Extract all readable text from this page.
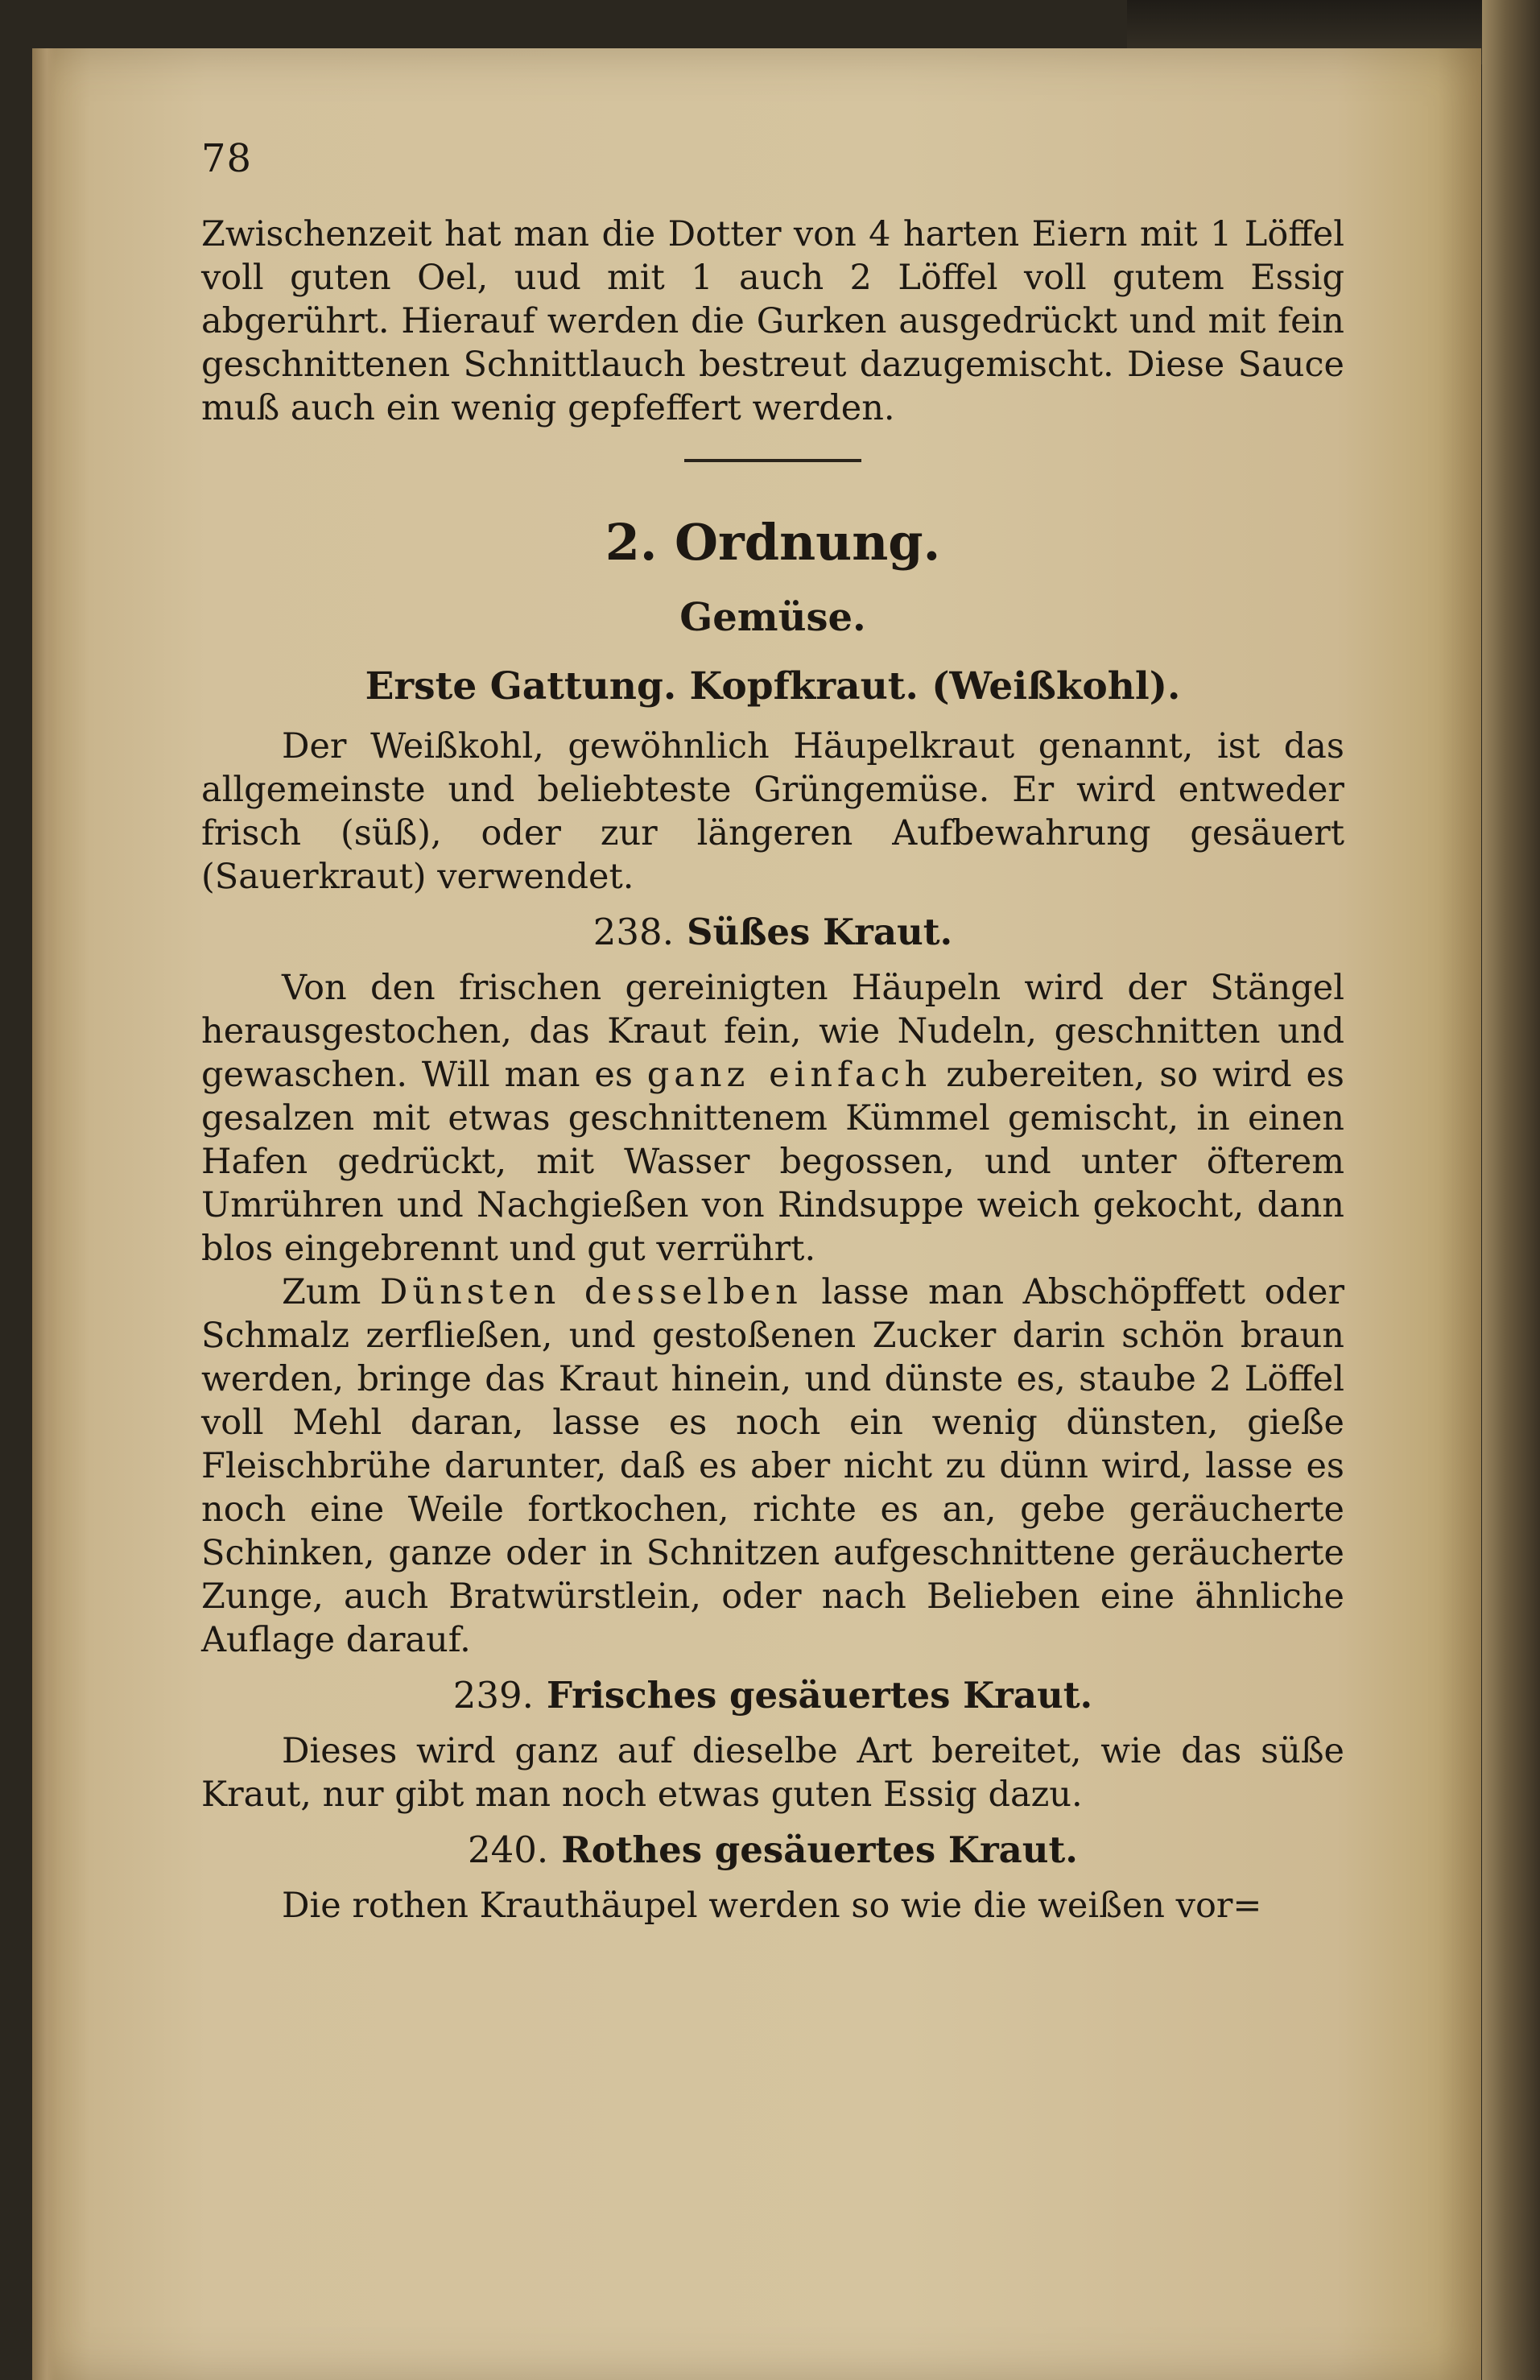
78

Zwischenzeit hat man die Dotter von 4 harten Eiern mit 1 Löffel voll guten Oel, uud mit 1 auch 2 Löffel voll gutem Essig abgerührt. Hierauf werden die Gurken ausgedrückt und mit fein geschnittenen Schnittlauch bestreut dazugemischt. Diese Sauce muß auch ein wenig gepfeffert werden.

2. Ordnung.
Gemüse.
Erste Gattung. Kopfkraut. (Weißkohl).

Der Weißkohl, gewöhnlich Häupelkraut genannt, ist das allgemeinste und beliebteste Grüngemüse. Er wird entweder frisch (süß), oder zur längeren Aufbewahrung gesäuert (Sauerkraut) verwendet.

238. Süßes Kraut.

Von den frischen gereinigten Häupeln wird der Stängel herausgestochen, das Kraut fein, wie Nudeln, geschnitten und gewaschen. Will man es ganz einfach zubereiten, so wird es gesalzen mit etwas geschnittenem Kümmel gemischt, in einen Hafen gedrückt, mit Wasser begossen, und unter öfterem Umrühren und Nachgießen von Rindsuppe weich gekocht, dann blos eingebrennt und gut verrührt.

Zum Dünsten desselben lasse man Abschöpffett oder Schmalz zerfließen, und gestoßenen Zucker darin schön braun werden, bringe das Kraut hinein, und dünste es, staube 2 Löffel voll Mehl daran, lasse es noch ein wenig dünsten, gieße Fleischbrühe darunter, daß es aber nicht zu dünn wird, lasse es noch eine Weile fortkochen, richte es an, gebe geräucherte Schinken, ganze oder in Schnitzen aufgeschnittene geräucherte Zunge, auch Bratwürstlein, oder nach Belieben eine ähnliche Auflage darauf.

239. Frisches gesäuertes Kraut.

Dieses wird ganz auf dieselbe Art bereitet, wie das süße Kraut, nur gibt man noch etwas guten Essig dazu.

240. Rothes gesäuertes Kraut.

Die rothen Krauthäupel werden so wie die weißen vor=
